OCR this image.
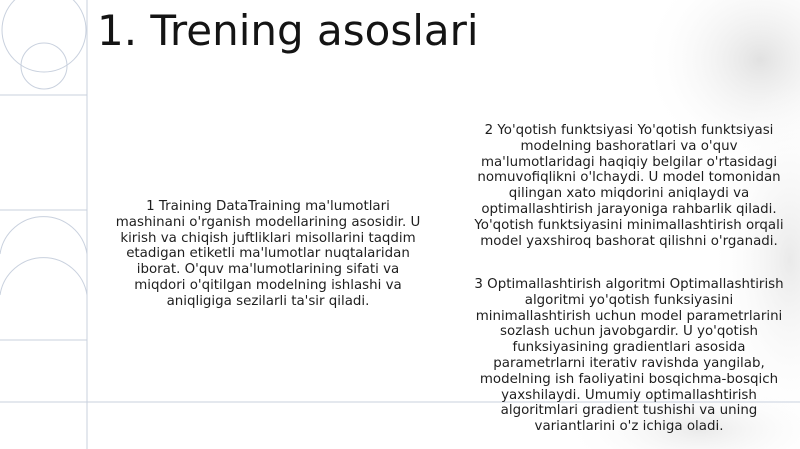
1. Trening asoslari
1 Training DataTraining ma'lumotlari mashinani o'rganish modellarining asosidir. U kirish va chiqish juftliklari misollarini taqdim etadigan etiketli ma'lumotlar nuqtalaridan iborat. O'quv ma'lumotlarining sifati va miqdori o'qitilgan modelning ishlashi va aniqligiga sezilarli ta'sir qiladi.
2 Yo'qotish funktsiyasi Yo'qotish funktsiyasi modelning bashoratlari va o'quv ma'lumotlaridagi haqiqiy belgilar o'rtasidagi nomuvofiqlikni o'lchaydi. U model tomonidan qilingan xato miqdorini aniqlaydi va optimallashtirish jarayoniga rahbarlik qiladi. Yo'qotish funktsiyasini minimallashtirish orqali model yaxshiroq bashorat qilishni o'rganadi.
3 Optimallashtirish algoritmi Optimallashtirish algoritmi yo'qotish funksiyasini minimallashtirish uchun model parametrlarini sozlash uchun javobgardir. U yo'qotish funksiyasining gradientlari asosida parametrlarni iterativ ravishda yangilab, modelning ish faoliyatini bosqichma-bosqich yaxshilaydi. Umumiy optimallashtirish algoritmlari gradient tushishi va uning variantlarini o'z ichiga oladi.
